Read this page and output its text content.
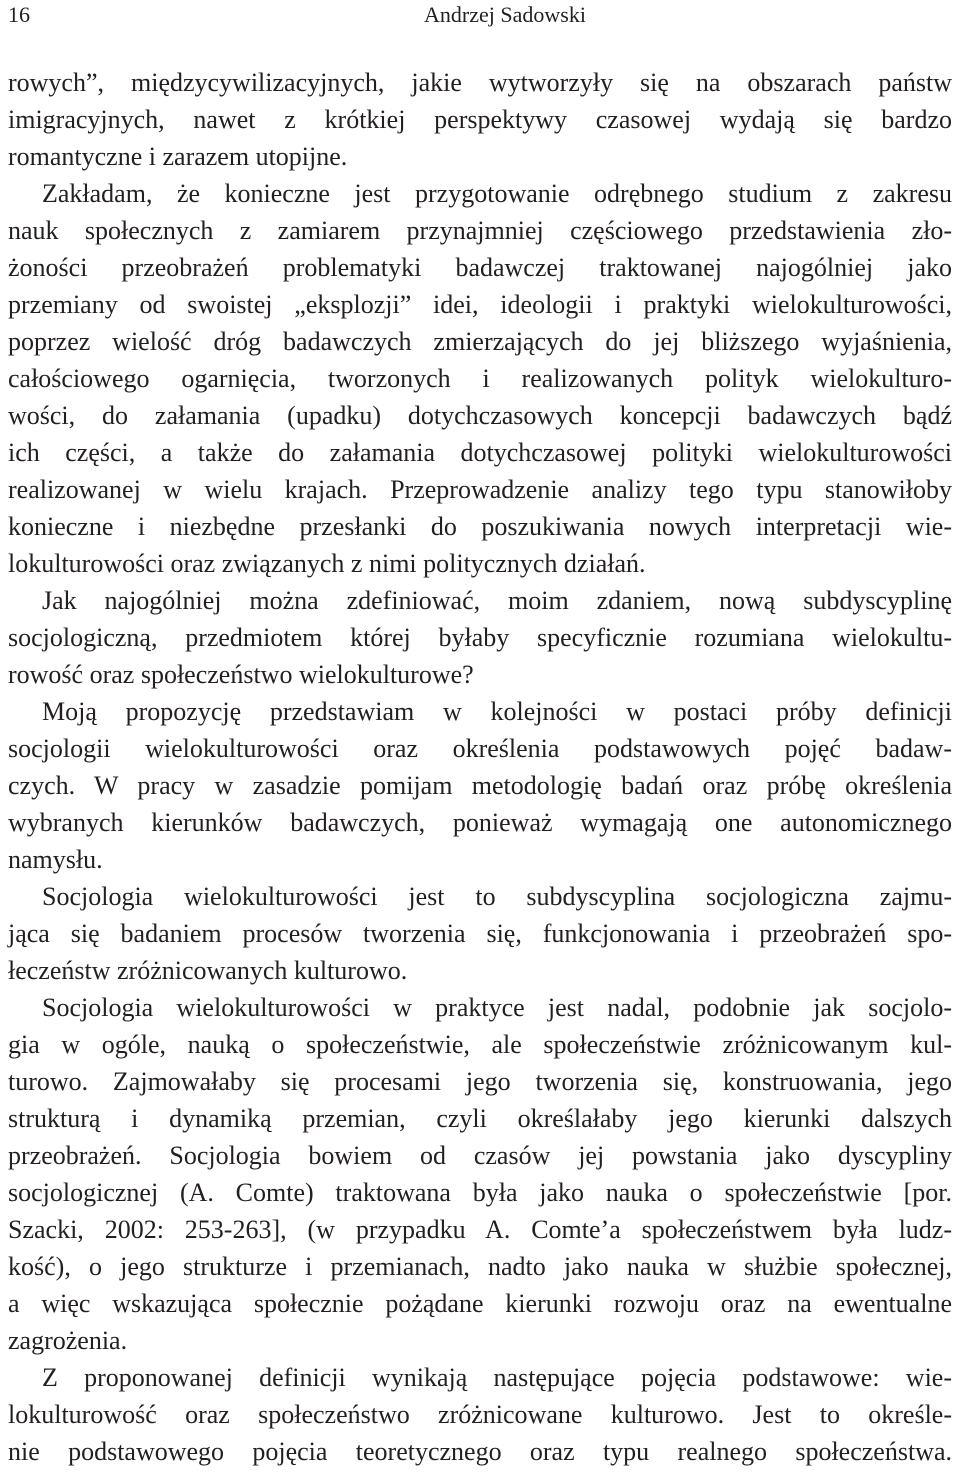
16	Andrzej Sadowski
rowych”, międzycywilizacyjnych, jakie wytworzyły się na obszarach państw
imigracyjnych, nawet z krótkiej perspektywy czasowej wydają się bardzo
romantyczne i zarazem utopijne.
Zakładam, że konieczne jest przygotowanie odrębnego studium z zakresu
nauk społecznych z zamiarem przynajmniej częściowego przedstawienia zło-
żoności przeobrażeń problematyki badawczej traktowanej najogólniej jako
przemiany od swoistej „eksplozji” idei, ideologii i praktyki wielokulturowości,
poprzez wielość dróg badawczych zmierzających do jej bliższego wyjaśnienia,
całościowego ogarnięcia, tworzonych i realizowanych polityk wielokulturo-
wości, do załamania (upadku) dotychczasowych koncepcji badawczych bądź
ich części, a także do załamania dotychczasowej polityki wielokulturowości
realizowanej w wielu krajach. Przeprowadzenie analizy tego typu stanowiłoby
konieczne i niezbędne przesłanki do poszukiwania nowych interpretacji wie-
lokulturowości oraz związanych z nimi politycznych działań.
Jak najogólniej można zdefiniować, moim zdaniem, nową subdyscyplinę
socjologiczną, przedmiotem której byłaby specyficznie rozumiana wielokultu-
rowość oraz społeczeństwo wielokulturowe?
Moją propozycję przedstawiam w kolejności w postaci próby definicji
socjologii wielokulturowości oraz określenia podstawowych pojęć badaw-
czych. W pracy w zasadzie pomijam metodologię badań oraz próbę określenia
wybranych kierunków badawczych, ponieważ wymagają one autonomicznego
namysłu.
Socjologia wielokulturowości jest to subdyscyplina socjologiczna zajmu-
jąca się badaniem procesów tworzenia się, funkcjonowania i przeobrażeń spo-
łeczeństw zróżnicowanych kulturowo.
Socjologia wielokulturowości w praktyce jest nadal, podobnie jak socjolo-
gia w ogóle, nauką o społeczeństwie, ale społeczeństwie zróżnicowanym kul-
turowo. Zajmowałaby się procesami jego tworzenia się, konstruowania, jego
strukturą i dynamiką przemian, czyli określałaby jego kierunki dalszych
przeobrażeń. Socjologia bowiem od czasów jej powstania jako dyscypliny
socjologicznej (A. Comte) traktowana była jako nauka o społeczeństwie [por.
Szacki, 2002: 253-263], (w przypadku A. Comte’a społeczeństwem była ludz-
kość), o jego strukturze i przemianach, nadto jako nauka w służbie społecznej,
a więc wskazująca społecznie pożądane kierunki rozwoju oraz na ewentualne
zagrożenia.
Z proponowanej definicji wynikają następujące pojęcia podstawowe: wie-
lokulturowość oraz społeczeństwo zróżnicowane kulturowo. Jest to określe-
nie podstawowego pojęcia teoretycznego oraz typu realnego społeczeństwa.
